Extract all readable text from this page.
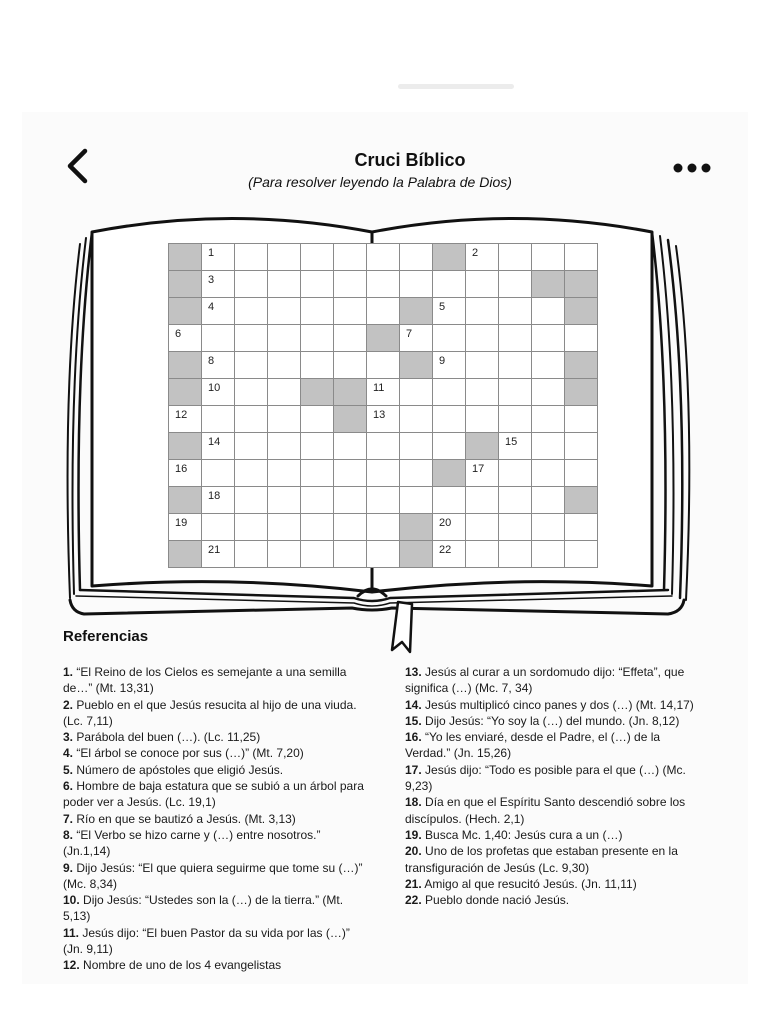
Cruci Bíblico
(Para resolver leyendo la Palabra de Dios)
1	2
3
4	5
6	7
8	9
10	11
12	13
14	15
16	17
18
19	20
21	22
Referencias

1. “El Reino de los Cielos es semejante a una semilla de…” (Mt. 13,31)

2. Pueblo en el que Jesús resucita al hijo de una viuda. (Lc. 7,11)

3. Parábola del buen (…). (Lc. 11,25)

4. “El árbol se conoce por sus (…)” (Mt. 7,20)

5. Número de apóstoles que eligió Jesús.

6. Hombre de baja estatura que se subió a un árbol para poder ver a Jesús. (Lc. 19,1)

7. Río en que se bautizó a Jesús. (Mt. 3,13)

8. “El Verbo se hizo carne y (…) entre nosotros.” (Jn.1,14)

9. Dijo Jesús: “El que quiera seguirme que tome su (…)” (Mc. 8,34)

10. Dijo Jesús: “Ustedes son la (…) de la tierra.” (Mt. 5,13)

11. Jesús dijo: “El buen Pastor da su vida por las (…)” (Jn. 9,11)

12. Nombre de uno de los 4 evangelistas

13. Jesús al curar a un sordomudo dijo: “Effeta”, que significa (…) (Mc. 7, 34)

14. Jesús multiplicó cinco panes y dos (…) (Mt. 14,17)

15. Dijo Jesús: “Yo soy la (…) del mundo. (Jn. 8,12)

16. “Yo les enviaré, desde el Padre, el (…) de la Verdad.” (Jn. 15,26)

17. Jesús dijo: “Todo es posible para el que (…) (Mc. 9,23)

18. Día en que el Espíritu Santo descendió sobre los discípulos. (Hech. 2,1)

19. Busca Mc. 1,40: Jesús cura a un (…)

20. Uno de los profetas que estaban presente en la transfiguración de Jesús (Lc. 9,30)

21. Amigo al que resucitó Jesús. (Jn. 11,11)

22. Pueblo donde nació Jesús.
